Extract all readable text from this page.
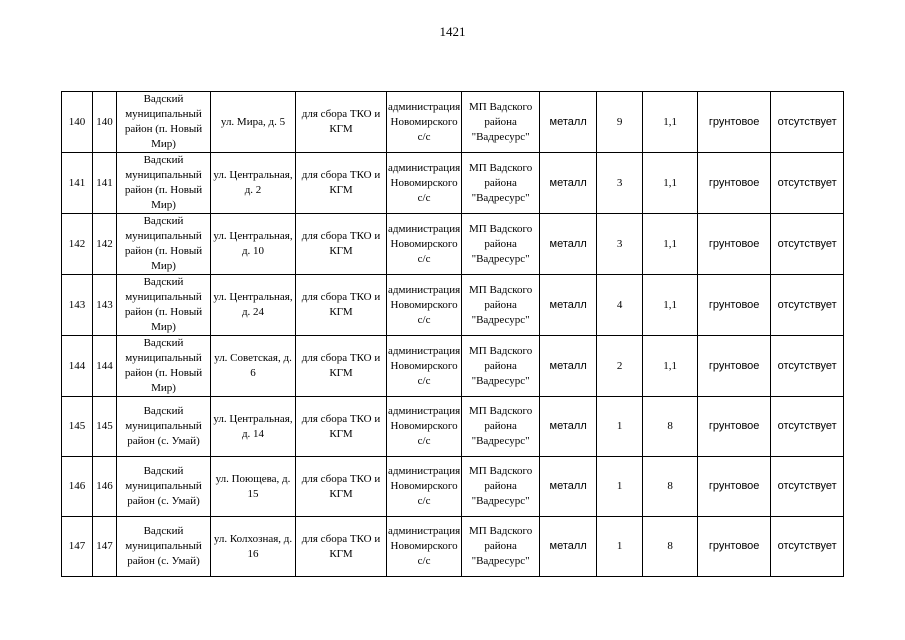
1421
140	140	Вадский муниципальный район (п. Новый Мир)	ул. Мира, д. 5	для сбора ТКО и КГМ	администрация Новомирского с/с	МП Вадского района "Вадресурс"	металл	9	1,1	грунтовое	отсутствует
141	141	Вадский муниципальный район (п. Новый Мир)	ул. Центральная, д. 2	для сбора ТКО и КГМ	администрация Новомирского с/с	МП Вадского района "Вадресурс"	металл	3	1,1	грунтовое	отсутствует
142	142	Вадский муниципальный район (п. Новый Мир)	ул. Центральная, д. 10	для сбора ТКО и КГМ	администрация Новомирского с/с	МП Вадского района "Вадресурс"	металл	3	1,1	грунтовое	отсутствует
143	143	Вадский муниципальный район (п. Новый Мир)	ул. Центральная, д. 24	для сбора ТКО и КГМ	администрация Новомирского с/с	МП Вадского района "Вадресурс"	металл	4	1,1	грунтовое	отсутствует
144	144	Вадский муниципальный район (п. Новый Мир)	ул. Советская, д. 6	для сбора ТКО и КГМ	администрация Новомирского с/с	МП Вадского района "Вадресурс"	металл	2	1,1	грунтовое	отсутствует
145	145	Вадский муниципальный район (с. Умай)	ул. Центральная, д. 14	для сбора ТКО и КГМ	администрация Новомирского с/с	МП Вадского района "Вадресурс"	металл	1	8	грунтовое	отсутствует
146	146	Вадский муниципальный район (с. Умай)	ул. Поющева, д. 15	для сбора ТКО и КГМ	администрация Новомирского с/с	МП Вадского района "Вадресурс"	металл	1	8	грунтовое	отсутствует
147	147	Вадский муниципальный район (с. Умай)	ул. Колхозная, д. 16	для сбора ТКО и КГМ	администрация Новомирского с/с	МП Вадского района "Вадресурс"	металл	1	8	грунтовое	отсутствует
